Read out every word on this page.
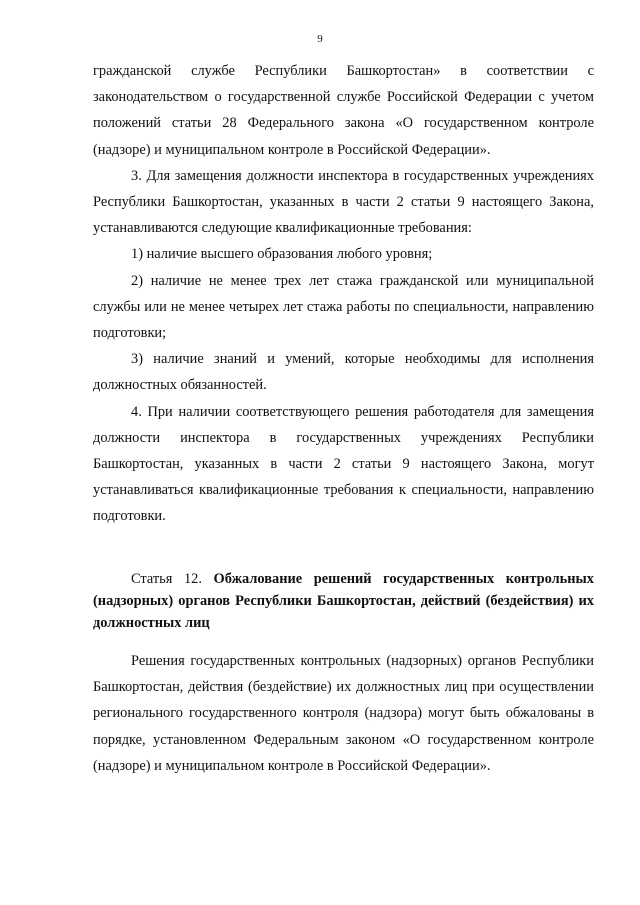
9

гражданской службе Республики Башкортостан» в соответствии с законодательством о государственной службе Российской Федерации с учетом положений статьи 28 Федерального закона «О государственном контроле (надзоре) и муниципальном контроле в Российской Федерации».

3. Для замещения должности инспектора в государственных учреждениях Республики Башкортостан, указанных в части 2 статьи 9 настоящего Закона, устанавливаются следующие квалификационные требования:

1) наличие высшего образования любого уровня;

2) наличие не менее трех лет стажа гражданской или муниципальной службы или не менее четырех лет стажа работы по специальности, направлению подготовки;

3) наличие знаний и умений, которые необходимы для исполнения должностных обязанностей.

4. При наличии соответствующего решения работодателя для замещения должности инспектора в государственных учреждениях Республики Башкортостан, указанных в части 2 статьи 9 настоящего Закона, могут устанавливаться квалификационные требования к специальности, направлению подготовки.

Статья 12. Обжалование решений государственных контрольных (надзорных) органов Республики Башкортостан, действий (бездействия) их должностных лиц

Решения государственных контрольных (надзорных) органов Республики Башкортостан, действия (бездействие) их должностных лиц при осуществлении регионального государственного контроля (надзора) могут быть обжалованы в порядке, установленном Федеральным законом «О государственном контроле (надзоре) и муниципальном контроле в Российской Федерации».
